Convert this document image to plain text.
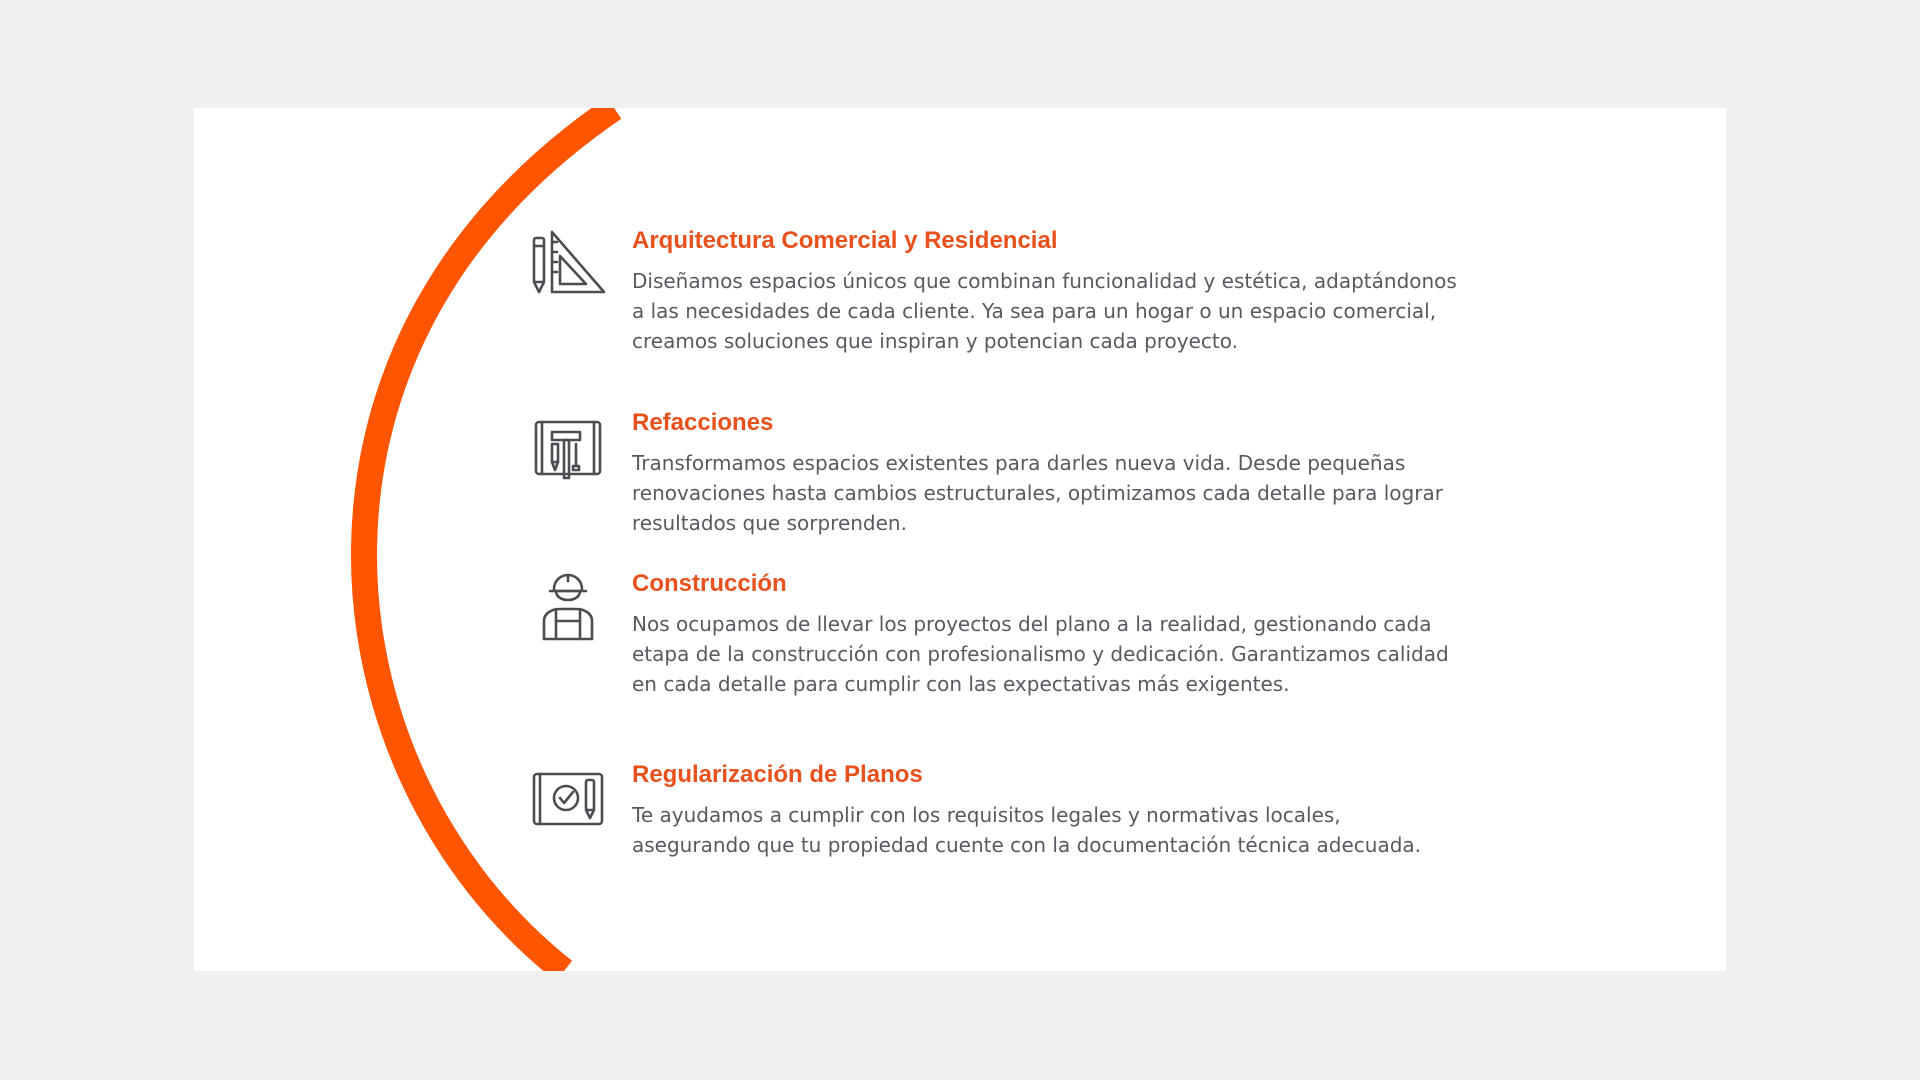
Arquitectura Comercial y Residencial

Diseñamos espacios únicos que combinan funcionalidad y estética, adaptándonos a las necesidades de cada cliente. Ya sea para un hogar o un espacio comercial, creamos soluciones que inspiran y potencian cada proyecto.

Refacciones

Transformamos espacios existentes para darles nueva vida. Desde pequeñas renovaciones hasta cambios estructurales, optimizamos cada detalle para lograr resultados que sorprenden.

Construcción

Nos ocupamos de llevar los proyectos del plano a la realidad, gestionando cada etapa de la construcción con profesionalismo y dedicación. Garantizamos calidad en cada detalle para cumplir con las expectativas más exigentes.

Regularización de Planos

Te ayudamos a cumplir con los requisitos legales y normativas locales, asegurando que tu propiedad cuente con la documentación técnica adecuada.
